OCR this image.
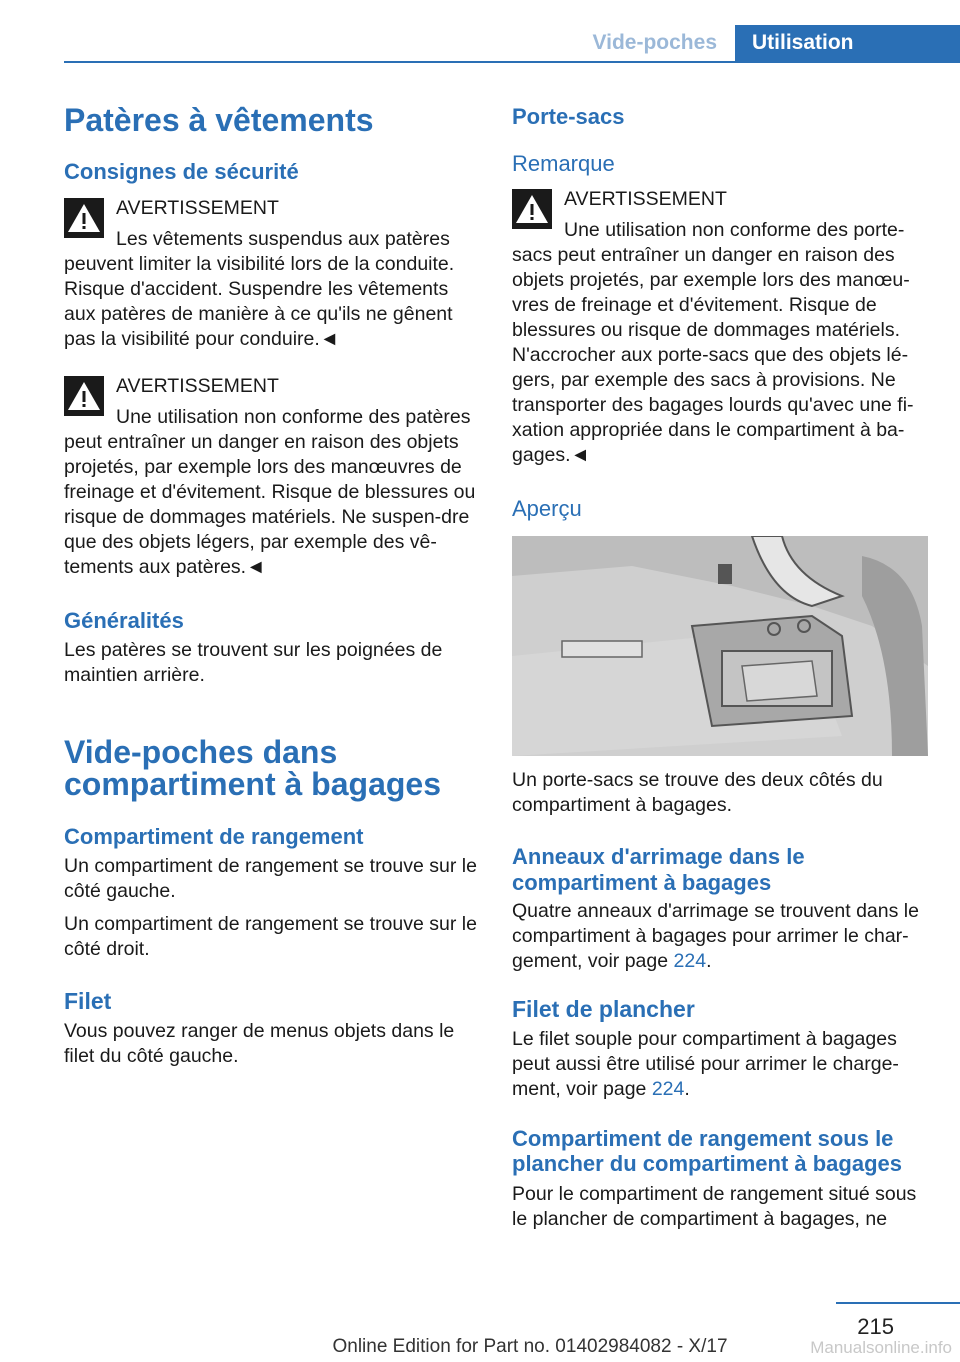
Vide-poches	Utilisation
Patères à vêtements
Consignes de sécurité
AVERTISSEMENT

Les vêtements suspendus aux patères peuvent limiter la visibilité lors de la conduite. Risque d'accident. Suspendre les vêtements aux patères de manière à ce qu'ils ne gênent pas la visibilité pour conduire.◄

AVERTISSEMENT

Une utilisation non conforme des patères peut entraîner un danger en raison des objets projetés, par exemple lors des manœuvres de freinage et d'évitement. Risque de blessures ou risque de dommages matériels. Ne suspen-dre que des objets légers, par exemple des vê-tements aux patères.◄

Généralités

Les patères se trouvent sur les poignées de maintien arrière.

Vide-poches dans compartiment à bagages
Compartiment de rangement

Un compartiment de rangement se trouve sur le côté gauche.

Un compartiment de rangement se trouve sur le côté droit.

Filet

Vous pouvez ranger de menus objets dans le filet du côté gauche.

Porte-sacs
Remarque
AVERTISSEMENT

Une utilisation non conforme des porte-sacs peut entraîner un danger en raison des objets projetés, par exemple lors des manœu-vres de freinage et d'évitement. Risque de blessures ou risque de dommages matériels. N'accrocher aux porte-sacs que des objets lé-gers, par exemple des sacs à provisions. Ne transporter des bagages lourds qu'avec une fi-xation appropriée dans le compartiment à ba-gages.◄

Aperçu

Un porte-sacs se trouve des deux côtés du compartiment à bagages.

Anneaux d'arrimage dans le compartiment à bagages

Quatre anneaux d'arrimage se trouvent dans le compartiment à bagages pour arrimer le char-gement, voir page 224.

Filet de plancher

Le filet souple pour compartiment à bagages peut aussi être utilisé pour arrimer le charge-ment, voir page 224.

Compartiment de rangement sous le plancher du compartiment à bagages

Pour le compartiment de rangement situé sous le plancher de compartiment à bagages, ne

215
Online Edition for Part no. 01402984082 - X/17	Manualsonline.info
